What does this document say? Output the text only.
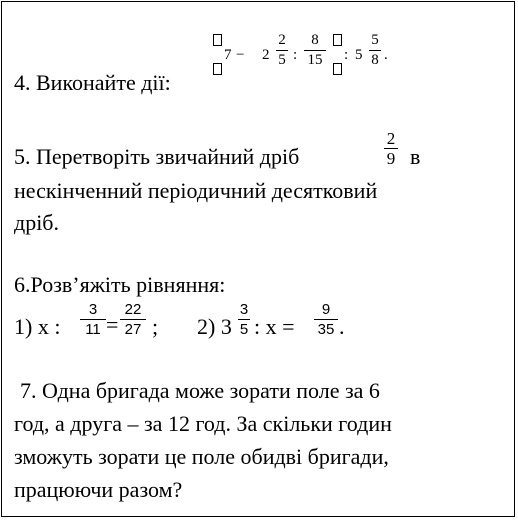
4. Виконайте дії:
7 − 2
2
5 :
8
15 : 5
5
8 .
5. Перетворіть звичайний дріб
2
9 в
нескінченний періодичний десятковий
дріб.
6.Розв’яжіть рівняння:
1) x :
3
11 =
22
27 ; 2) 3
3
5 : x =
9
35 .
7. Одна бригада може зорати поле за 6
год, а друга – за 12 год. За скільки годин
зможуть зорати це поле обидві бригади,
працюючи разом?
